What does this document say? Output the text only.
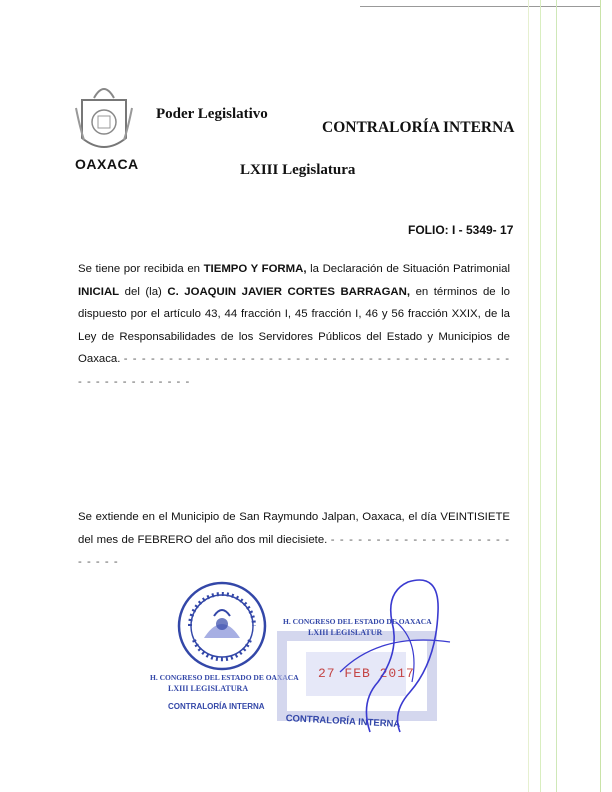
OAXACA
Poder Legislativo
CONTRALORÍA INTERNA
LXIII Legislatura
FOLIO: I - 5349- 17
Se tiene por recibida en TIEMPO Y FORMA, la Declaración de Situación Patrimonial INICIAL del (la) C. JOAQUIN JAVIER CORTES BARRAGAN, en términos de lo dispuesto por el artículo 43, 44 fracción I, 45 fracción I, 46 y 56 fracción XXIX, de la Ley de Responsabilidades de los Servidores Públicos del Estado y Municipios de Oaxaca. - - - - - - - - - - - - - - - - - - - - - - - - - - - - - - - - - - - - - - - - - - - - - - - - - - - - - - - -
Se extiende en el Municipio de San Raymundo Jalpan, Oaxaca, el día VEINTISIETE del mes de FEBRERO del año dos mil diecisiete. - - - - - - - - - - - - - - - - - - - - - - - - -
H. CONGRESO DEL ESTADO DE OAXACA
LXIII LEGISLATURA
CONTRALORÍA INTERNA
H. CONGRESO DEL ESTADO DE OAXACA
LXIII LEGISLATUR
27 FEB 2017
CONTRALORÍA INTERNA
